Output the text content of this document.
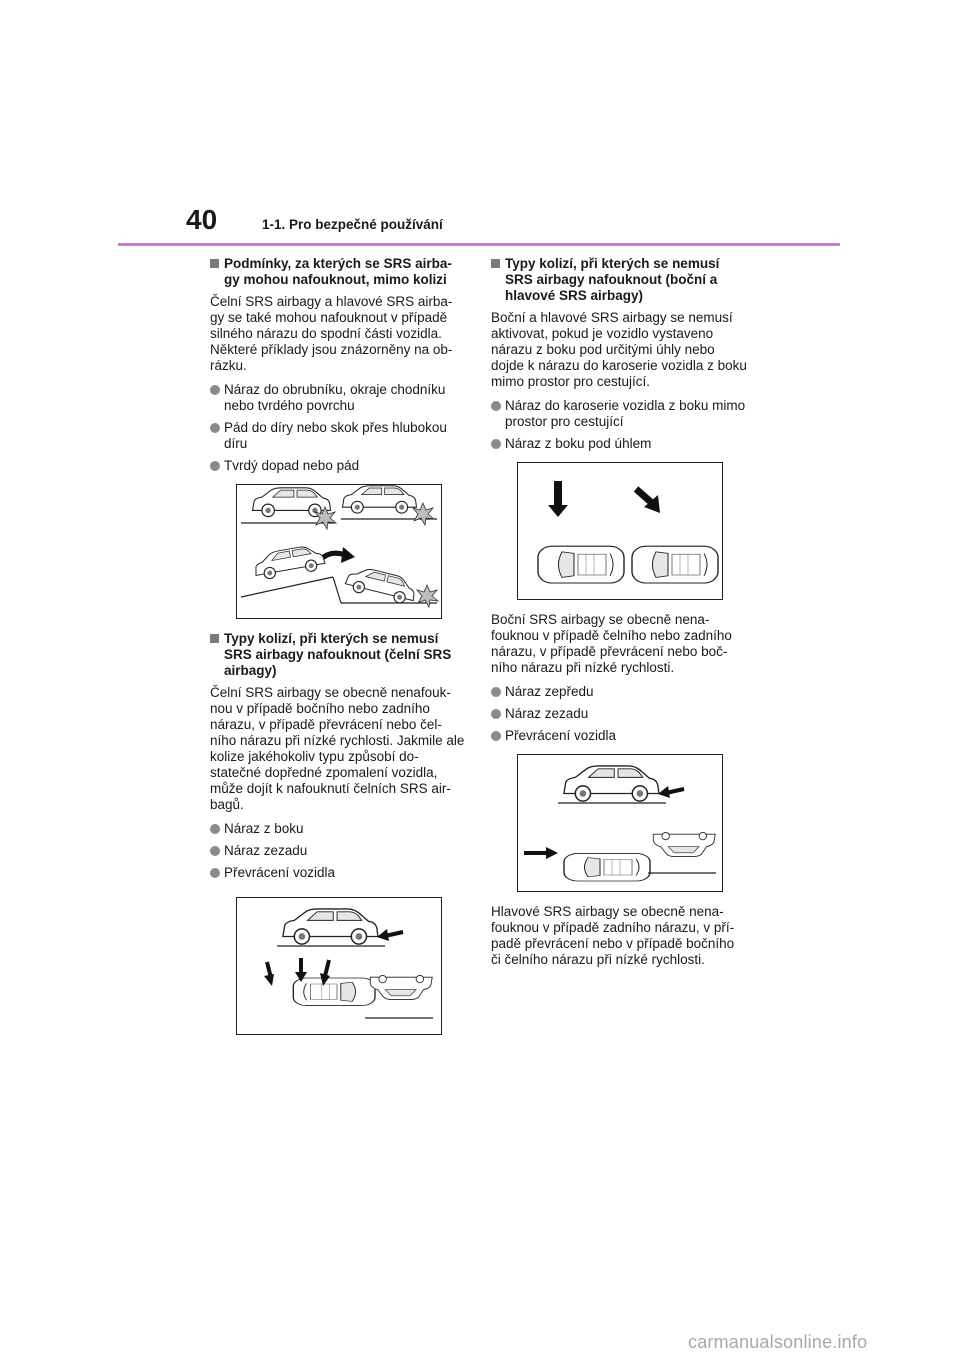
40	1-1. Pro bezpečné používání
Podmínky, za kterých se SRS airba-gy mohou nafouknout, mimo kolizi

Čelní SRS airbagy a hlavové SRS airba-gy se také mohou nafouknout v případě silného nárazu do spodní části vozidla. Některé příklady jsou znázorněny na ob-rázku.

Náraz do obrubníku, okraje chodníku nebo tvrdého povrchu
Pád do díry nebo skok přes hlubokou díru
Tvrdý dopad nebo pád
Typy kolizí, při kterých se nemusí SRS airbagy nafouknout (čelní SRS airbagy)

Čelní SRS airbagy se obecně nenafouk-nou v případě bočního nebo zadního nárazu, v případě převrácení nebo čel-ního nárazu při nízké rychlosti. Jakmile ale kolize jakéhokoliv typu způsobí do-statečné dopředné zpomalení vozidla, může dojít k nafouknutí čelních SRS air-bagů.

Náraz z boku
Náraz zezadu
Převrácení vozidla
Typy kolizí, při kterých se nemusí SRS airbagy nafouknout (boční a hlavové SRS airbagy)

Boční a hlavové SRS airbagy se nemusí aktivovat, pokud je vozidlo vystaveno nárazu z boku pod určitými úhly nebo dojde k nárazu do karoserie vozidla z boku mimo prostor pro cestující.

Náraz do karoserie vozidla z boku mimo prostor pro cestující
Náraz z boku pod úhlem

Boční SRS airbagy se obecně nena-fouknou v případě čelního nebo zadního nárazu, v případě převrácení nebo boč-ního nárazu při nízké rychlosti.

Náraz zepředu
Náraz zezadu
Převrácení vozidla

Hlavové SRS airbagy se obecně nena-fouknou v případě zadního nárazu, v pří-padě převrácení nebo v případě bočního či čelního nárazu při nízké rychlosti.

carmanualsonline.info
